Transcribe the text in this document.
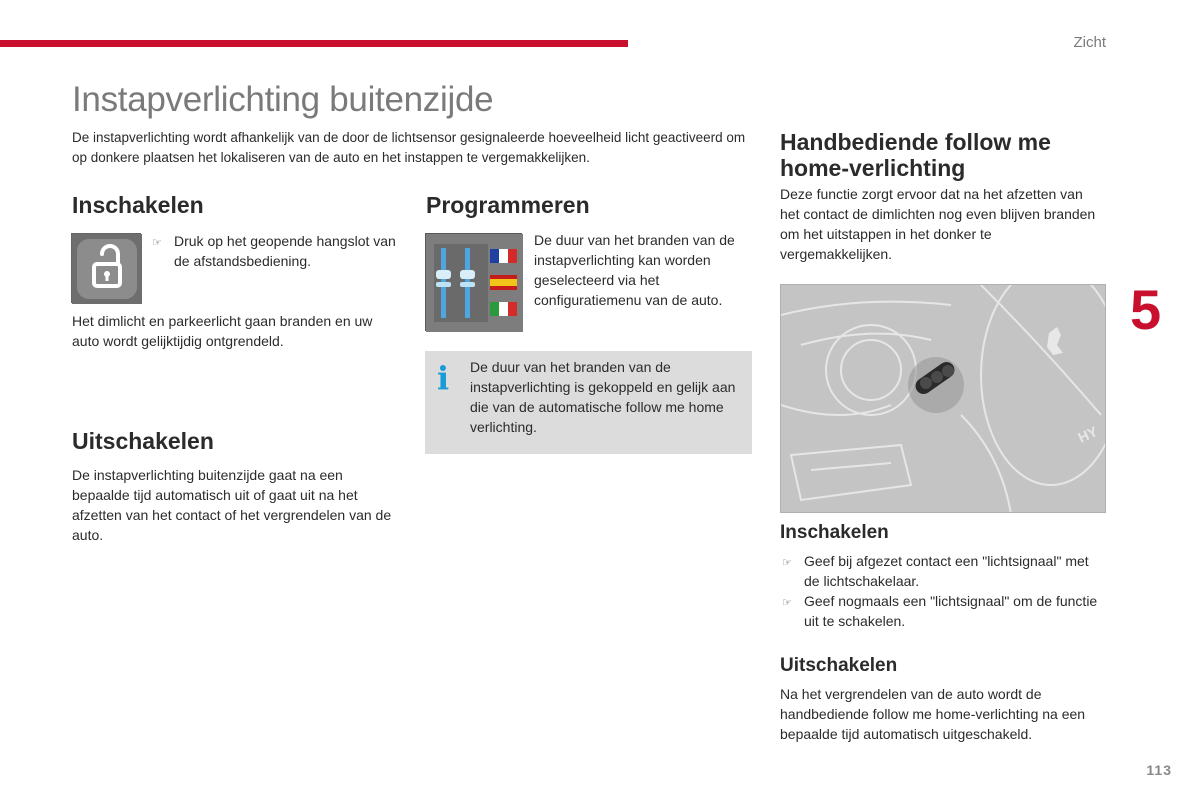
Zicht
5
113
Instapverlichting buitenzijde

De instapverlichting wordt afhankelijk van de door de lichtsensor gesignaleerde hoeveelheid licht geactiveerd om op donkere plaatsen het lokaliseren van de auto en het instappen te vergemakkelijken.

Inschakelen
☞ Druk op het geopende hangslot van de afstandsbediening.

Het dimlicht en parkeerlicht gaan branden en uw auto wordt gelijktijdig ontgrendeld.

Uitschakelen

De instapverlichting buitenzijde gaat na een bepaalde tijd automatisch uit of gaat uit na het afzetten van het contact of het vergrendelen van de auto.

Programmeren

De duur van het branden van de instapverlichting kan worden geselecteerd via het configuratiemenu van de auto.

i De duur van het branden van de instapverlichting is gekoppeld en gelijk aan die van de automatische follow me home verlichting.

Handbediende follow me home-verlichting

Deze functie zorgt ervoor dat na het afzetten van het contact de dimlichten nog even blijven branden om het uitstappen in het donker te vergemakkelijken.

HY
Inschakelen
☞ Geef bij afgezet contact een "lichtsignaal" met de lichtschakelaar.
☞ Geef nogmaals een "lichtsignaal" om de functie uit te schakelen.
Uitschakelen

Na het vergrendelen van de auto wordt de handbediende follow me home-verlichting na een bepaalde tijd automatisch uitgeschakeld.
